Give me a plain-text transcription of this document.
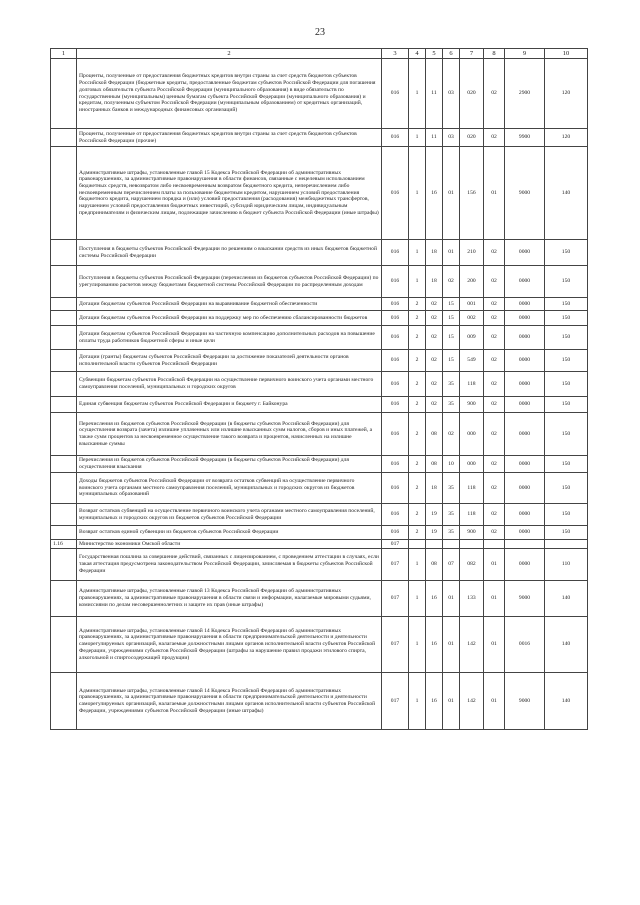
23
1	2	3	4	5	6	7	8	9	10
	Проценты, полученные от предоставления бюджетных кредитов внутри страны за счет средств бюджетов субъектов Российской Федерации (бюджетные кредиты, предоставленные бюджетам субъектов Российской Федерации для погашения долговых обязательств субъекта Российской Федерации (муниципального образования) в виде обязательств по государственным (муниципальным) ценным бумагам субъекта Российской Федерации (муниципального образования) и кредитам, полученным субъектом Российской Федерации (муниципальным образованием) от кредитных организаций, иностранных банков и международных финансовых организаций)	016	1	11	03	020	02	2900	120
	Проценты, полученные от предоставления бюджетных кредитов внутри страны за счет средств бюджетов субъектов Российской Федерации (прочие)	016	1	11	03	020	02	9900	120
	Административные штрафы, установленные главой 15 Кодекса Российской Федерации об административных правонарушениях, за административные правонарушения в области финансов, связанные с нецелевым использованием бюджетных средств, невозвратом либо несвоевременным возвратом бюджетного кредита, неперечислением либо несвоевременным перечислением платы за пользование бюджетным кредитом, нарушением условий предоставления бюджетного кредита, нарушением порядка и (или) условий предоставления (расходования) межбюджетных трансфертов, нарушением условий предоставления бюджетных инвестиций, субсидий юридическим лицам, индивидуальным предпринимателям и физическим лицам, подлежащие зачислению в бюджет субъекта Российской Федерации (иные штрафы)	016	1	16	01	156	01	9000	140
	Поступления в бюджеты субъектов Российской Федерации по решениям о взыскании средств из иных бюджетов бюджетной системы Российской Федерации	016	1	18	01	210	02	0000	150
	Поступления в бюджеты субъектов Российской Федерации (перечисления из бюджетов субъектов Российской Федерации) по урегулированию расчетов между бюджетами бюджетной системы Российской Федерации по распределенным доходам	016	1	18	02	200	02	0000	150
	Дотации бюджетам субъектов Российской Федерации на выравнивание бюджетной обеспеченности	016	2	02	15	001	02	0000	150
	Дотации бюджетам субъектов Российской Федерации на поддержку мер по обеспечению сбалансированности бюджетов	016	2	02	15	002	02	0000	150
	Дотации бюджетам субъектов Российской Федерации на частичную компенсацию дополнительных расходов на повышение оплаты труда работников бюджетной сферы и иные цели	016	2	02	15	009	02	0000	150
	Дотации (гранты) бюджетам субъектов Российской Федерации за достижение показателей деятельности органов исполнительной власти субъектов Российской Федерации	016	2	02	15	549	02	0000	150
	Субвенции бюджетам субъектов Российской Федерации на осуществление первичного воинского учета органами местного самоуправления поселений, муниципальных и городских округов	016	2	02	35	118	02	0000	150
	Единая субвенция бюджетам субъектов Российской Федерации и бюджету г. Байконура	016	2	02	35	900	02	0000	150
	Перечисления из бюджетов субъектов Российской Федерации (в бюджеты субъектов Российской Федерации) для осуществления возврата (зачета) излишне уплаченных или излишне взысканных сумм налогов, сборов и иных платежей, а также сумм процентов за несвоевременное осуществление такого возврата и процентов, начисленных на излишне взысканные суммы	016	2	08	02	000	02	0000	150
	Перечисления из бюджетов субъектов Российской Федерации (в бюджеты субъектов Российской Федерации) для осуществления взыскания	016	2	08	10	000	02	0000	150
	Доходы бюджетов субъектов Российской Федерации от возврата остатков субвенций на осуществление первичного воинского учета органами местного самоуправления поселений, муниципальных и городских округов из бюджетов муниципальных образований	016	2	18	35	118	02	0000	150
	Возврат остатков субвенций на осуществление первичного воинского учета органами местного самоуправления поселений, муниципальных и городских округов из бюджетов субъектов Российской Федерации	016	2	19	35	118	02	0000	150
	Возврат остатков единой субвенции из бюджетов субъектов Российской Федерации	016	2	19	35	900	02	0000	150
1.16	Министерство экономики Омской области	017							
	Государственная пошлина за совершение действий, связанных с лицензированием, с проведением аттестации в случаях, если такая аттестация предусмотрена законодательством Российской Федерации, зачисляемая в бюджеты субъектов Российской Федерации	017	1	08	07	082	01	0000	110
	Административные штрафы, установленные главой 13 Кодекса Российской Федерации об административных правонарушениях, за административные правонарушения в области связи и информации, налагаемые мировыми судьями, комиссиями по делам несовершеннолетних и защите их прав (иные штрафы)	017	1	16	01	133	01	9000	140
	Административные штрафы, установленные главой 14 Кодекса Российской Федерации об административных правонарушениях, за административные правонарушения в области предпринимательской деятельности и деятельности саморегулируемых организаций, налагаемые должностными лицами органов исполнительной власти субъектов Российской Федерации, учреждениями субъектов Российской Федерации (штрафы за нарушение правил продажи этилового спирта, алкогольной и спиртосодержащей продукции)	017	1	16	01	142	01	0016	140
	Административные штрафы, установленные главой 14 Кодекса Российской Федерации об административных правонарушениях, за административные правонарушения в области предпринимательской деятельности и деятельности саморегулируемых организаций, налагаемые должностными лицами органов исполнительной власти субъектов Российской Федерации, учреждениями субъектов Российской Федерации (иные штрафы)	017	1	16	01	142	01	9000	140
